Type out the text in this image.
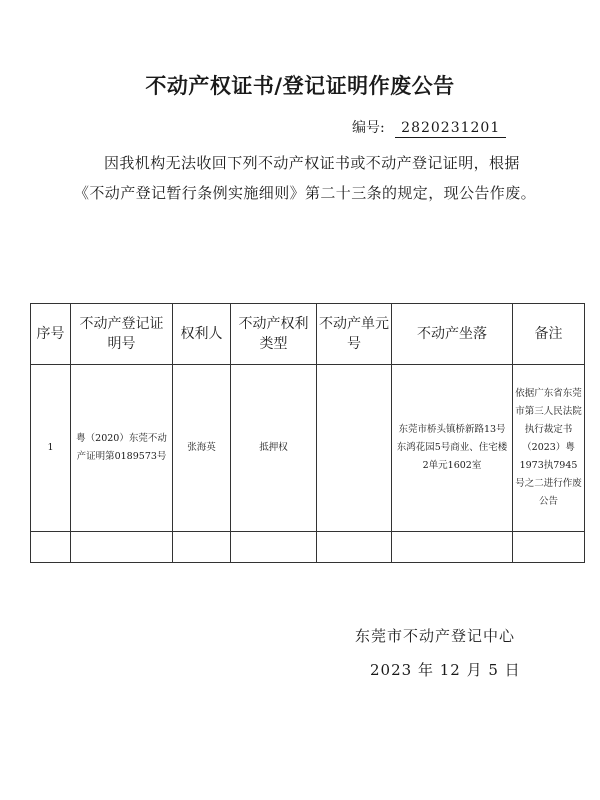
不动产权证书/登记证明作废公告
编号: 2820231201
因我机构无法收回下列不动产权证书或不动产登记证明，根据《不动产登记暂行条例实施细则》第二十三条的规定，现公告作废。
序号	不动产登记证明号	权利人	不动产权利类型	不动产单元号	不动产坐落	备注
1	粤（2020）东莞不动产证明第0189573号	张海英	抵押权		东莞市桥头镇桥新路13号东鸿花园5号商业、住宅楼2单元1602室	依据广东省东莞市第三人民法院执行裁定书（2023）粤1973执7945号之二进行作废公告

东莞市不动产登记中心
2023 年 12 月 5 日
